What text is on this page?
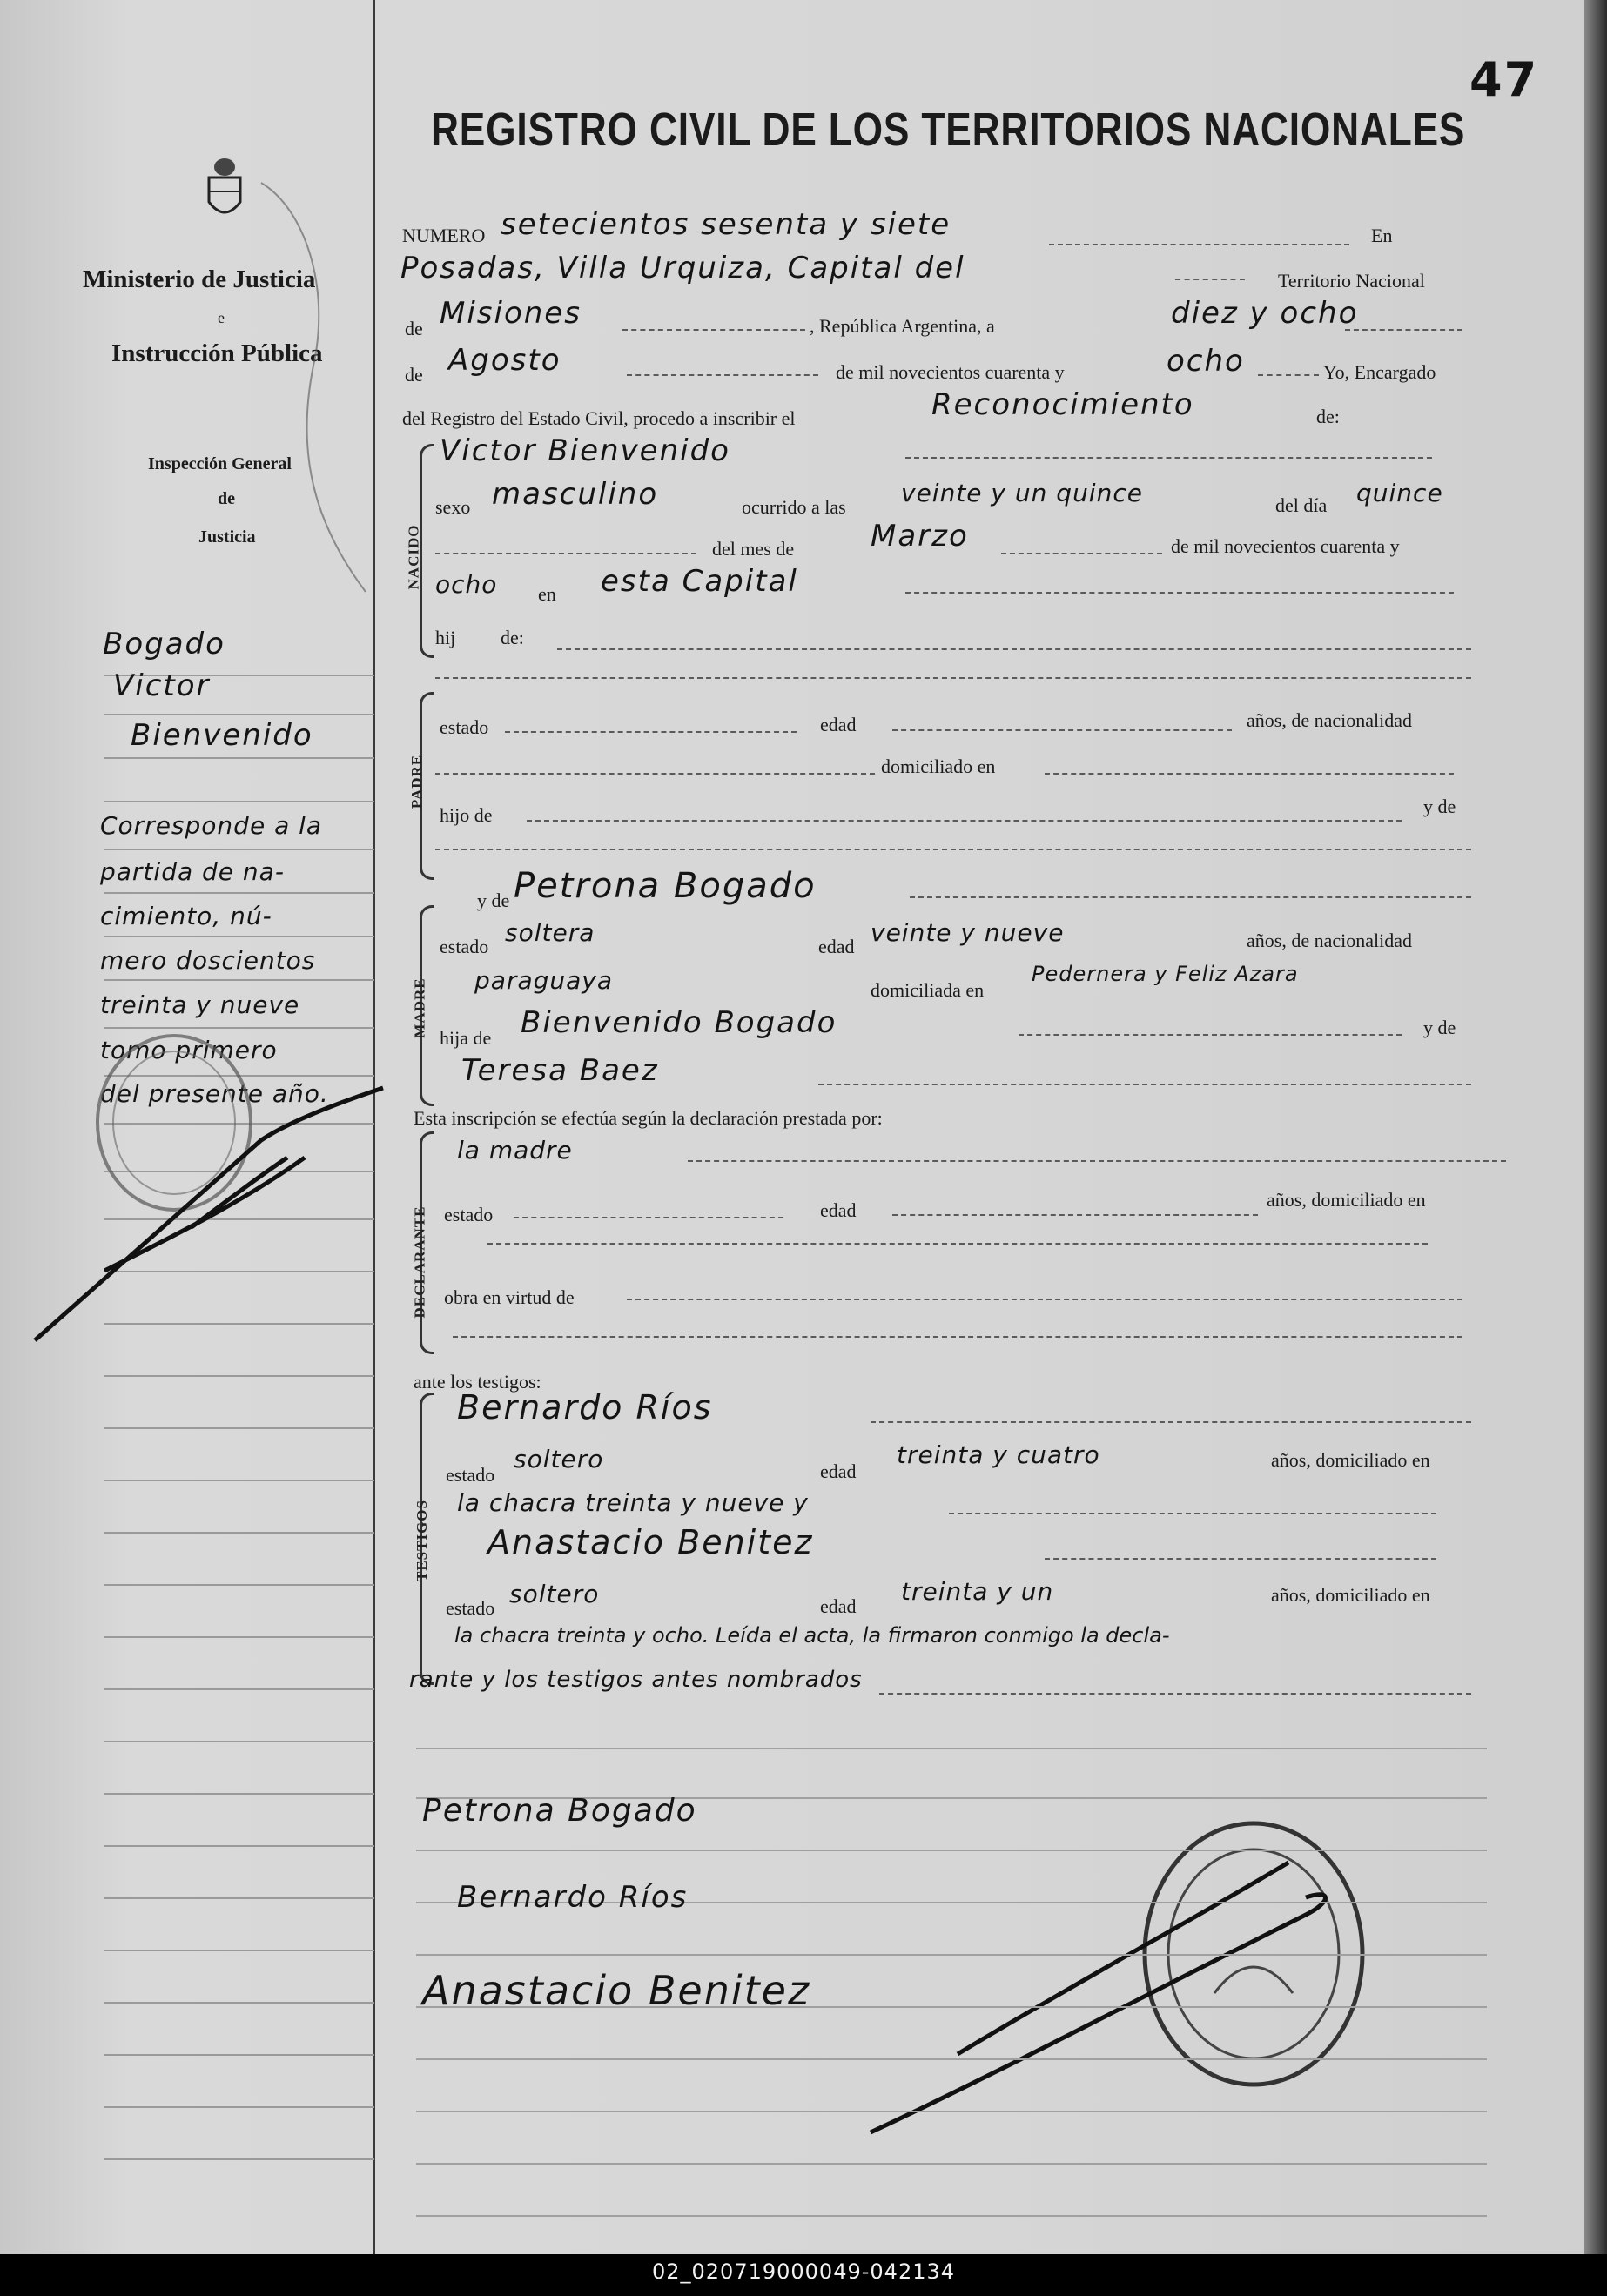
Ministerio de Justicia
e
Instrucción Pública
Inspección General
de
Justicia
Bogado
Victor
Bienvenido
Corresponde a la
partida de na-
cimiento, nú-
mero doscientos
treinta y nueve
tomo primero
del presente año.
47
REGISTRO CIVIL DE LOS TERRITORIOS NACIONALES
NUMERO setecientos sesenta y siete	En
Posadas, Villa Urquiza, Capital del	Territorio Nacional
de Misiones	, República Argentina, a	diez y ocho
de Agosto	de mil novecientos cuarenta y	ocho	Yo, Encargado
del Registro del Estado Civil, procedo a inscribir el	Reconocimiento	de:
NACIDO
Victor Bienvenido
sexo masculino	ocurrido a las veinte y un quince	del día quince
del mes de	Marzo	de mil novecientos cuarenta y
ocho en esta Capital
hij de:
PADRE
estado	edad	años, de nacionalidad
domiciliado en
hijo de	y de
y de Petrona Bogado
MADRE
estado soltera	edad veinte y nueve	años, de nacionalidad
paraguaya	domiciliada en
Pedernera y Feliz Azara
hija de Bienvenido Bogado	y de
Teresa Baez
Esta inscripción se efectúa según la declaración prestada por:
DECLARANTE
la madre
estado	edad	años, domiciliado en
obra en virtud de
ante los testigos:
TESTIGOS
Bernardo Ríos
estado
soltero	edad
treinta y cuatro	años, domiciliado en
la chacra treinta y nueve y
Anastacio Benitez
estado soltero	edad
treinta y un	años, domiciliado en
la chacra treinta y ocho. Leída el acta, la firmaron conmigo la decla-
rante y los testigos antes nombrados
Petrona Bogado
Bernardo Ríos
Anastacio Benitez
02_020719000049-042134
